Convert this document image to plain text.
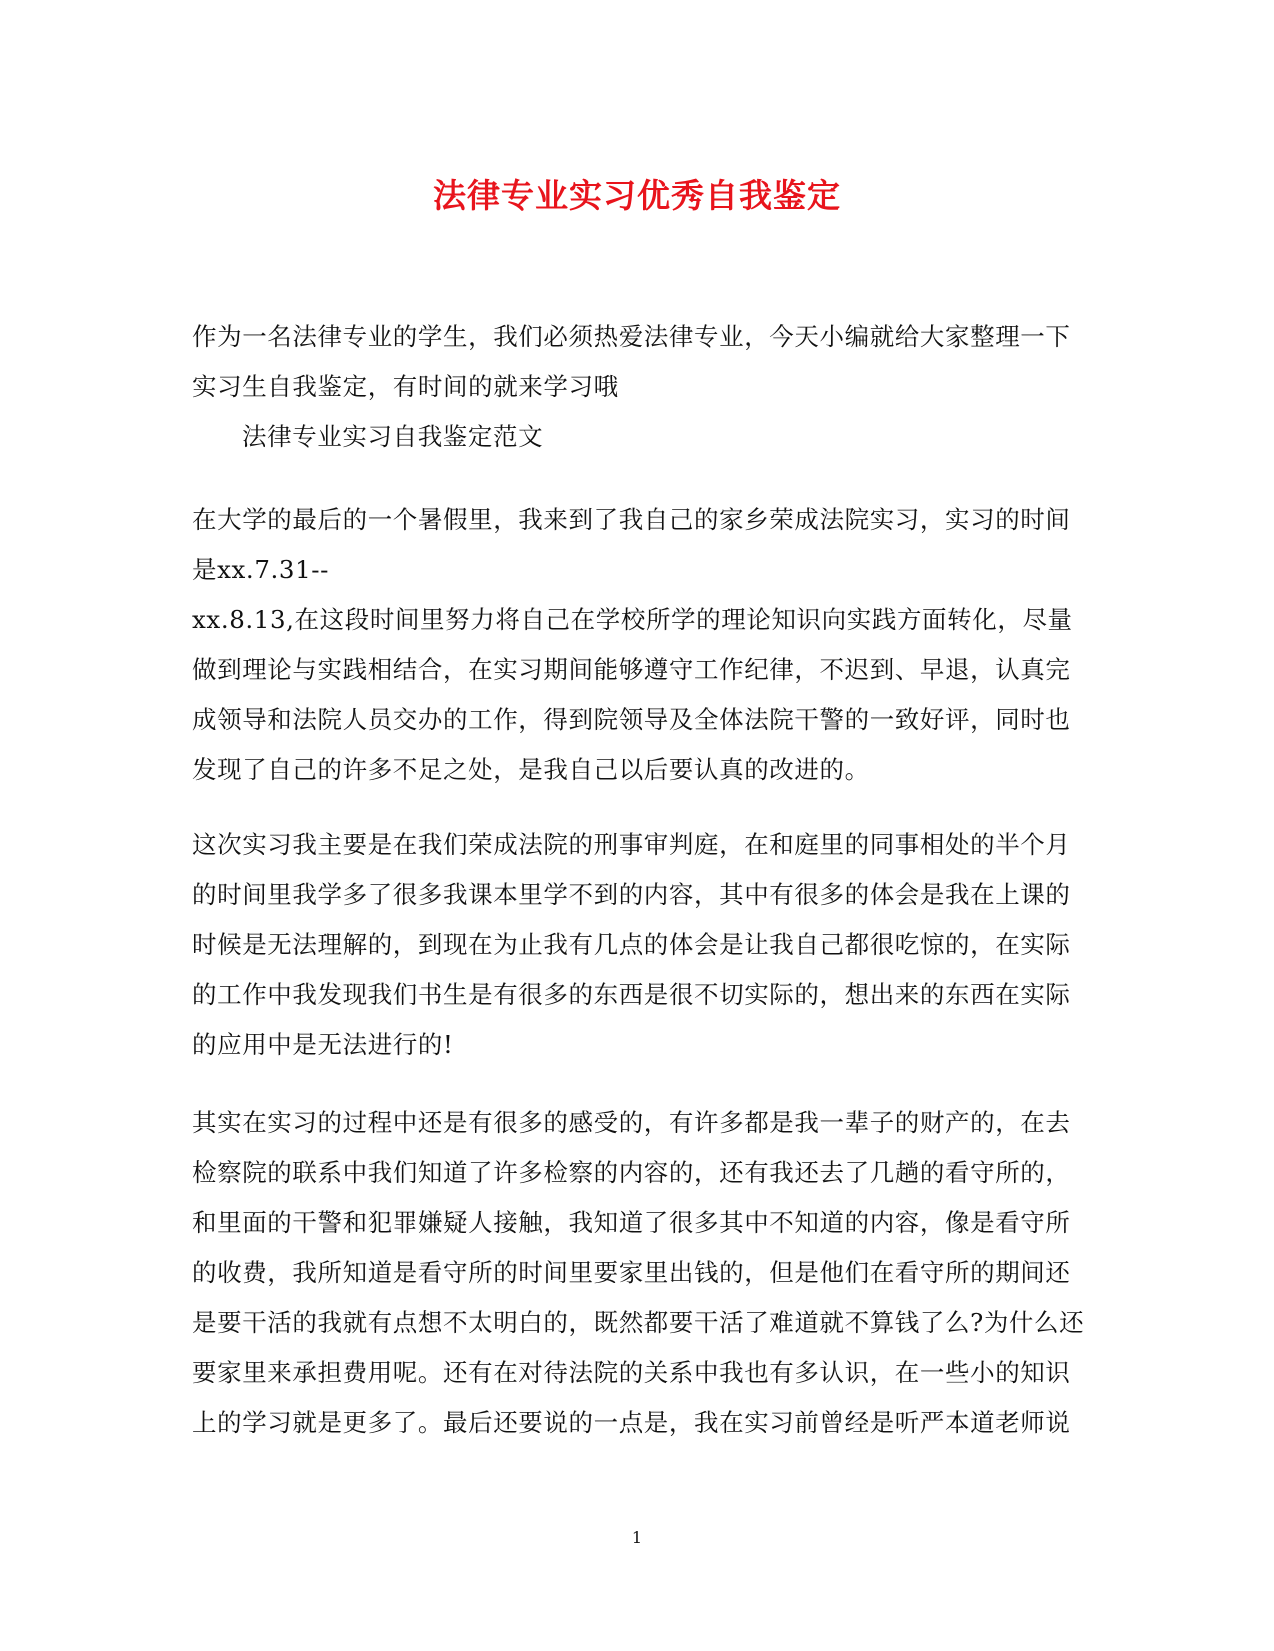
法律专业实习优秀自我鉴定
作为一名法律专业的学生，我们必须热爱法律专业，今天小编就给大家整理一下
实习生自我鉴定，有时间的就来学习哦
法律专业实习自我鉴定范文
在大学的最后的一个暑假里，我来到了我自己的家乡荣成法院实习，实习的时间
是xx.7.31--
xx.8.13,在这段时间里努力将自己在学校所学的理论知识向实践方面转化，尽量
做到理论与实践相结合，在实习期间能够遵守工作纪律，不迟到、早退，认真完
成领导和法院人员交办的工作，得到院领导及全体法院干警的一致好评，同时也
发现了自己的许多不足之处，是我自己以后要认真的改进的。
这次实习我主要是在我们荣成法院的刑事审判庭，在和庭里的同事相处的半个月
的时间里我学多了很多我课本里学不到的内容，其中有很多的体会是我在上课的
时候是无法理解的，到现在为止我有几点的体会是让我自己都很吃惊的，在实际
的工作中我发现我们书生是有很多的东西是很不切实际的，想出来的东西在实际
的应用中是无法进行的!
其实在实习的过程中还是有很多的感受的，有许多都是我一辈子的财产的，在去
检察院的联系中我们知道了许多检察的内容的，还有我还去了几趟的看守所的，
和里面的干警和犯罪嫌疑人接触，我知道了很多其中不知道的内容，像是看守所
的收费，我所知道是看守所的时间里要家里出钱的，但是他们在看守所的期间还
是要干活的我就有点想不太明白的，既然都要干活了难道就不算钱了么?为什么还
要家里来承担费用呢。还有在对待法院的关系中我也有多认识，在一些小的知识
上的学习就是更多了。最后还要说的一点是，我在实习前曾经是听严本道老师说
1
